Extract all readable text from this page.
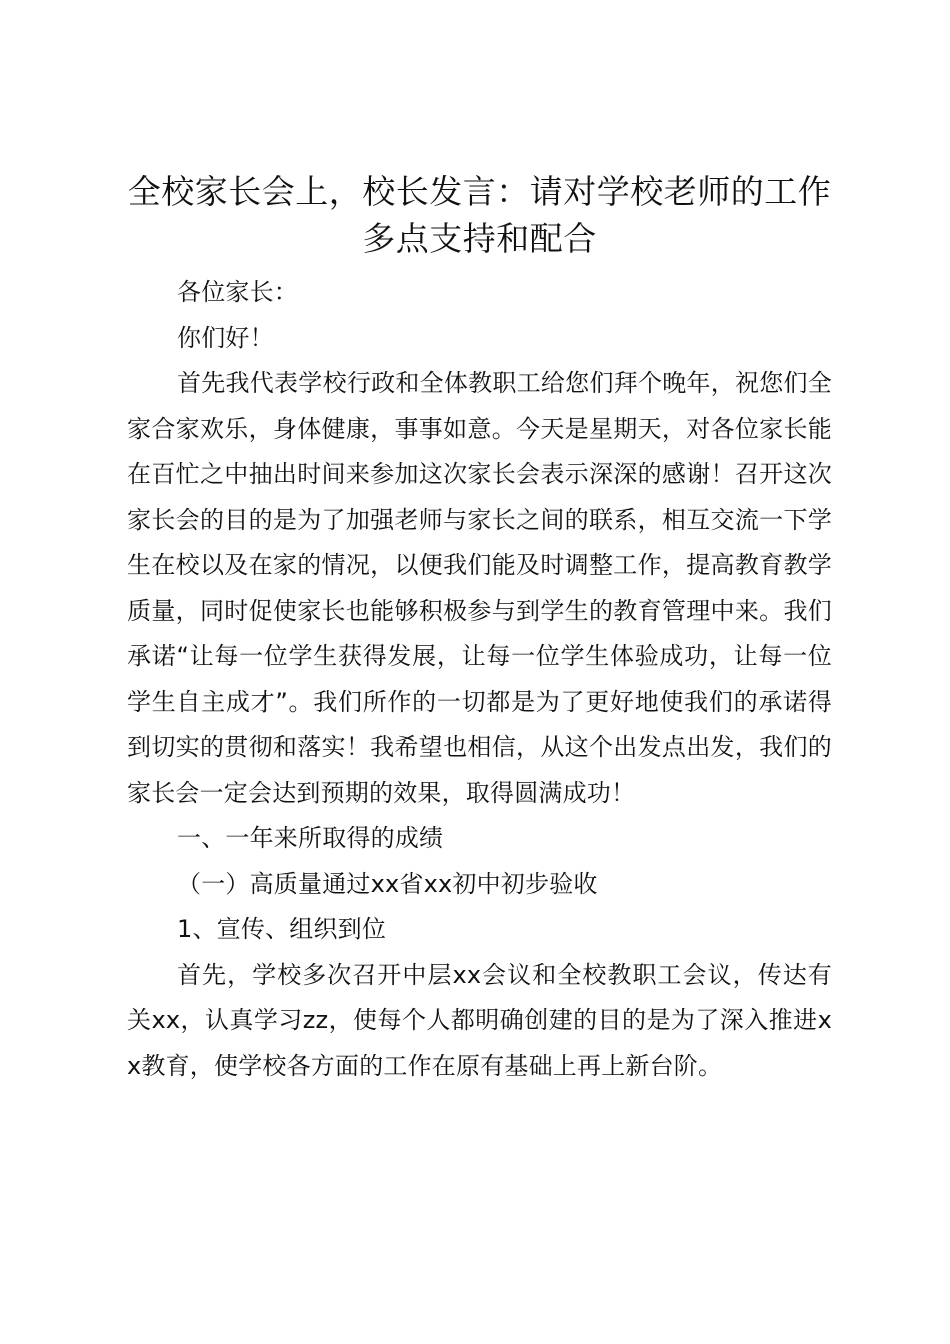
全校家长会上，校长发言：请对学校老师的工作多点支持和配合

各位家长：

你们好！

首先我代表学校行政和全体教职工给您们拜个晚年，祝您们全家合家欢乐，身体健康，事事如意。今天是星期天，对各位家长能在百忙之中抽出时间来参加这次家长会表示深深的感谢！召开这次家长会的目的是为了加强老师与家长之间的联系，相互交流一下学生在校以及在家的情况，以便我们能及时调整工作，提高教育教学质量，同时促使家长也能够积极参与到学生的教育管理中来。我们承诺“让每一位学生获得发展，让每一位学生体验成功，让每一位学生自主成才”。我们所作的一切都是为了更好地使我们的承诺得到切实的贯彻和落实！我希望也相信，从这个出发点出发，我们的家长会一定会达到预期的效果，取得圆满成功！

一、一年来所取得的成绩

（一）高质量通过xx省xx初中初步验收

1、宣传、组织到位

首先，学校多次召开中层xx会议和全校教职工会议，传达有关xx，认真学习zz，使每个人都明确创建的目的是为了深入推进xx教育，使学校各方面的工作在原有基础上再上新台阶。
